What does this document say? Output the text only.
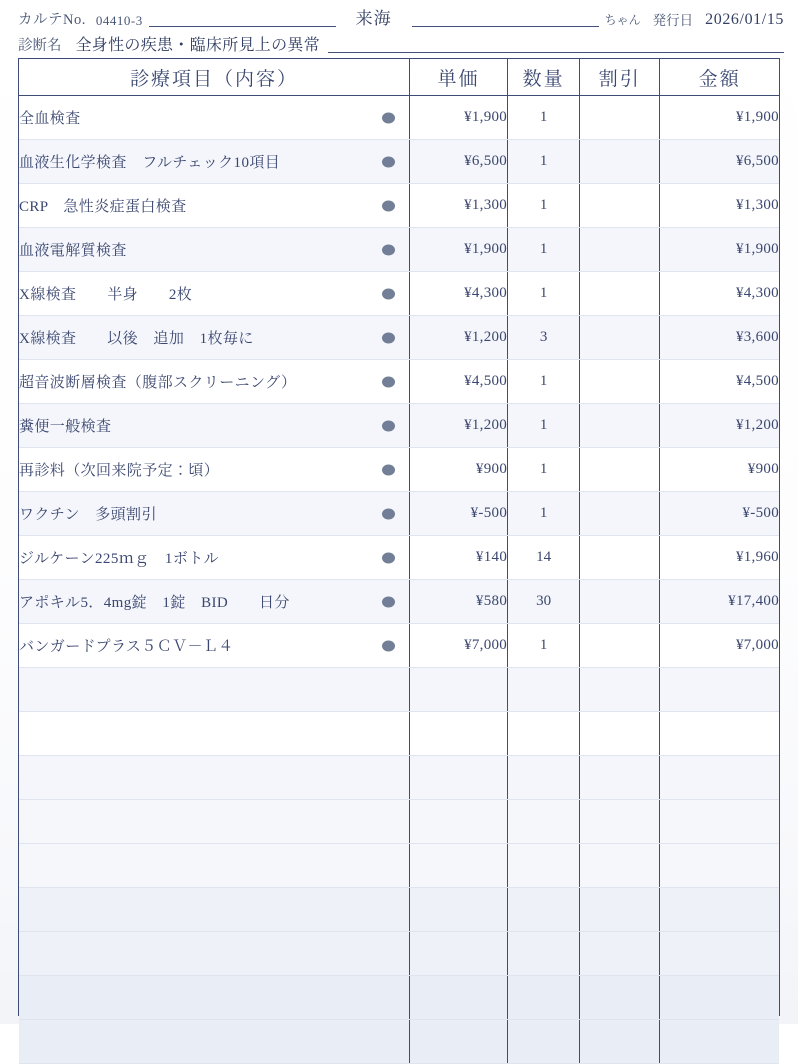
カルテNo. 04410-3	来海	ちゃん 発行日 2026/01/15
診断名 全身性の疾患・臨床所見上の異常
診療項目（内容）	単価	数量	割引	金額
全血検査	¥1,900	1		¥1,900
血液生化学検査　フルチェック10項目	¥6,500	1		¥6,500
CRP　急性炎症蛋白検査	¥1,300	1		¥1,300
血液電解質検査	¥1,900	1		¥1,900
X線検査　　半身　　2枚	¥4,300	1		¥4,300
X線検査　　以後　追加　1枚毎に	¥1,200	3		¥3,600
超音波断層検査（腹部スクリーニング）	¥4,500	1		¥4,500
糞便一般検査	¥1,200	1		¥1,200
再診料（次回来院予定：頃）	¥900	1		¥900
ワクチン　多頭割引	¥-500	1		¥-500
ジルケーン225ｍｇ　1ボトル	¥140	14		¥1,960
アポキル5．4mg錠　1錠　BID　　日分	¥580	30		¥17,400
バンガードプラス５ＣＶ－Ｌ４	¥7,000	1		¥7,000
